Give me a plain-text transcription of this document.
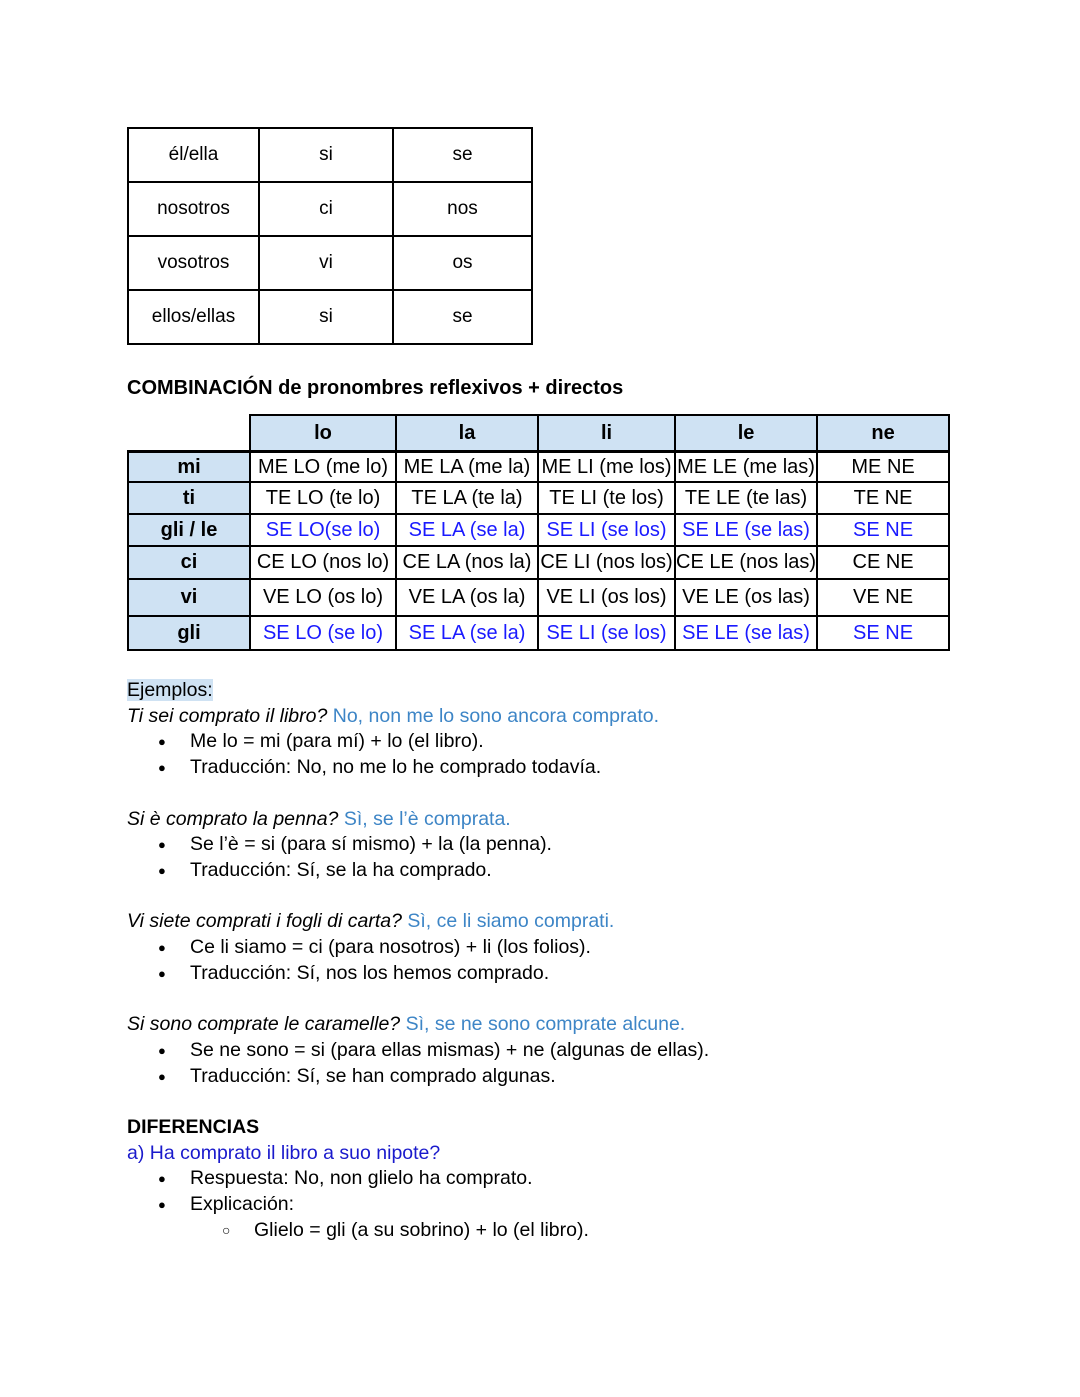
él/ella	si	se
nosotros	ci	nos
vosotros	vi	os
ellos/ellas	si	se
COMBINACIÓN de pronombres reflexivos + directos
	lo	la	li	le	ne
mi	ME LO (me lo)	ME LA (me la)	ME LI (me los)	ME LE (me las)	ME NE
ti	TE LO (te lo)	TE LA (te la)	TE LI (te los)	TE LE (te las)	TE NE
gli / le	SE LO(se lo)	SE LA (se la)	SE LI (se los)	SE LE (se las)	SE NE
ci	CE LO (nos lo)	CE LA (nos la)	CE LI (nos los)	CE LE (nos las)	CE NE
vi	VE LO (os lo)	VE LA (os la)	VE LI (os los)	VE LE (os las)	VE NE
gli	SE LO (se lo)	SE LA (se la)	SE LI (se los)	SE LE (se las)	SE NE

Ejemplos:

Ti sei comprato il libro? No, non me lo sono ancora comprato.

● Me lo = mi (para mí) + lo (el libro).
● Traducción: No, no me lo he comprado todavía.

Si è comprato la penna? Sì, se l’è comprata.

● Se l’è = si (para sí mismo) + la (la penna).
● Traducción: Sí, se la ha comprado.

Vi siete comprati i fogli di carta? Sì, ce li siamo comprati.

● Ce li siamo = ci (para nosotros) + li (los folios).
● Traducción: Sí, nos los hemos comprado.

Si sono comprate le caramelle? Sì, se ne sono comprate alcune.

● Se ne sono = si (para ellas mismas) + ne (algunas de ellas).
● Traducción: Sí, se han comprado algunas.

DIFERENCIAS

a) Ha comprato il libro a suo nipote?

● Respuesta: No, non glielo ha comprato.
● Explicación:
○ Glielo = gli (a su sobrino) + lo (el libro).
